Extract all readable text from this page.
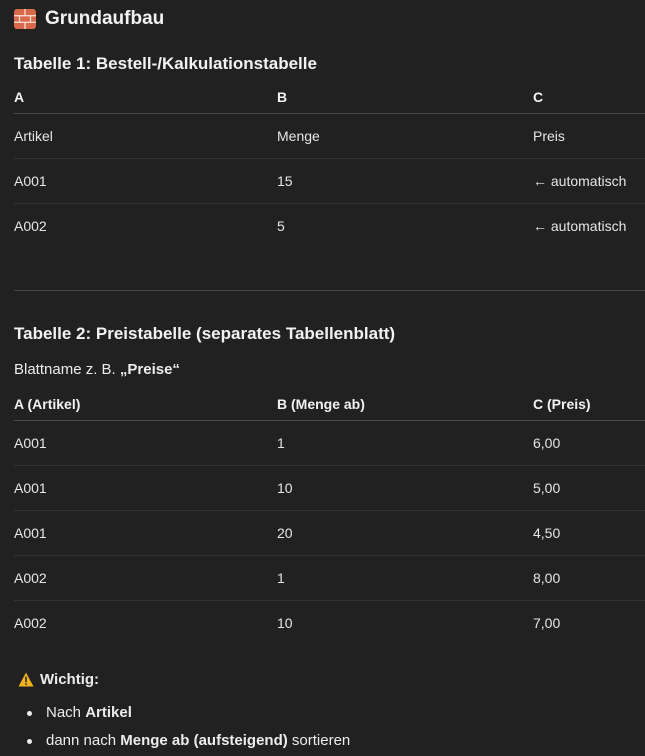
Grundaufbau
Tabelle 1: Bestell-/Kalkulationstabelle
A	B	C
Artikel	Menge	Preis
A001	15	← automatisch
A002	5	← automatisch
Tabelle 2: Preistabelle (separates Tabellenblatt)
Blattname z. B. „Preise“
A (Artikel)	B (Menge ab)	C (Preis)
A001	1	6,00
A001	10	5,00
A001	20	4,50
A002	1	8,00
A002	10	7,00
Wichtig:
Nach Artikel
dann nach Menge ab (aufsteigend) sortieren
